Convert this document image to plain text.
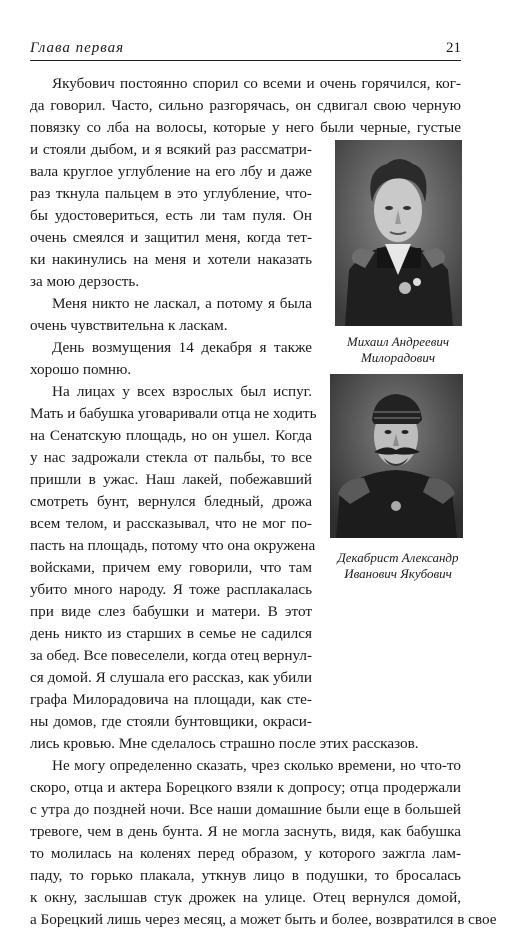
Глава первая	21
Якубович постоянно спорил со всеми и очень горячился, ког-
да говорил. Часто, сильно разгорячась, он сдвигал свою черную
повязку со лба на волосы, которые у него были черные, густые
и стояли дыбом, и я всякий раз рассматри-
вала круглое углубление на его лбу и даже
раз ткнула пальцем в это углубление, что-
бы удостовериться, есть ли там пуля. Он
очень смеялся и защитил меня, когда тет-
ки накинулись на меня и хотели наказать
за мою дерзость.
Меня никто не ласкал, а потому я была
очень чувствительна к ласкам.
День возмущения 14 декабря я также
хорошо помню.
На лицах у всех взрослых был испуг.
Мать и бабушка уговаривали отца не ходить
на Сенатскую площадь, но он ушел. Когда
у нас задрожали стекла от пальбы, то все
пришли в ужас. Наш лакей, побежавший
смотреть бунт, вернулся бледный, дрожа
всем телом, и рассказывал, что не мог по-
пасть на площадь, потому что она окружена
войсками, причем ему говорили, что там
убито много народу. Я тоже расплакалась
при виде слез бабушки и матери. В этот
день никто из старших в семье не садился
за обед. Все повеселели, когда отец вернул-
ся домой. Я слушала его рассказ, как убили
графа Милорадовича на площади, как сте-
ны домов, где стояли бунтовщики, окраси-
лись кровью. Мне сделалось страшно после этих рассказов.
Не могу определенно сказать, чрез сколько времени, но что-то
скоро, отца и актера Борецкого взяли к допросу; отца продержали
с утра до поздней ночи. Все наши домашние были еще в большей
тревоге, чем в день бунта. Я не могла заснуть, видя, как бабушка
то молилась на коленях перед образом, у которого зажгла лам-
паду, то горько плакала, уткнув лицо в подушки, то бросалась
к окну, заслышав стук дрожек на улице. Отец вернулся домой,
а Борецкий лишь через месяц, а может быть и более, возвратился в свое
Михаил Андреевич
Милорадович
Декабрист Александр
Иванович Якубович
